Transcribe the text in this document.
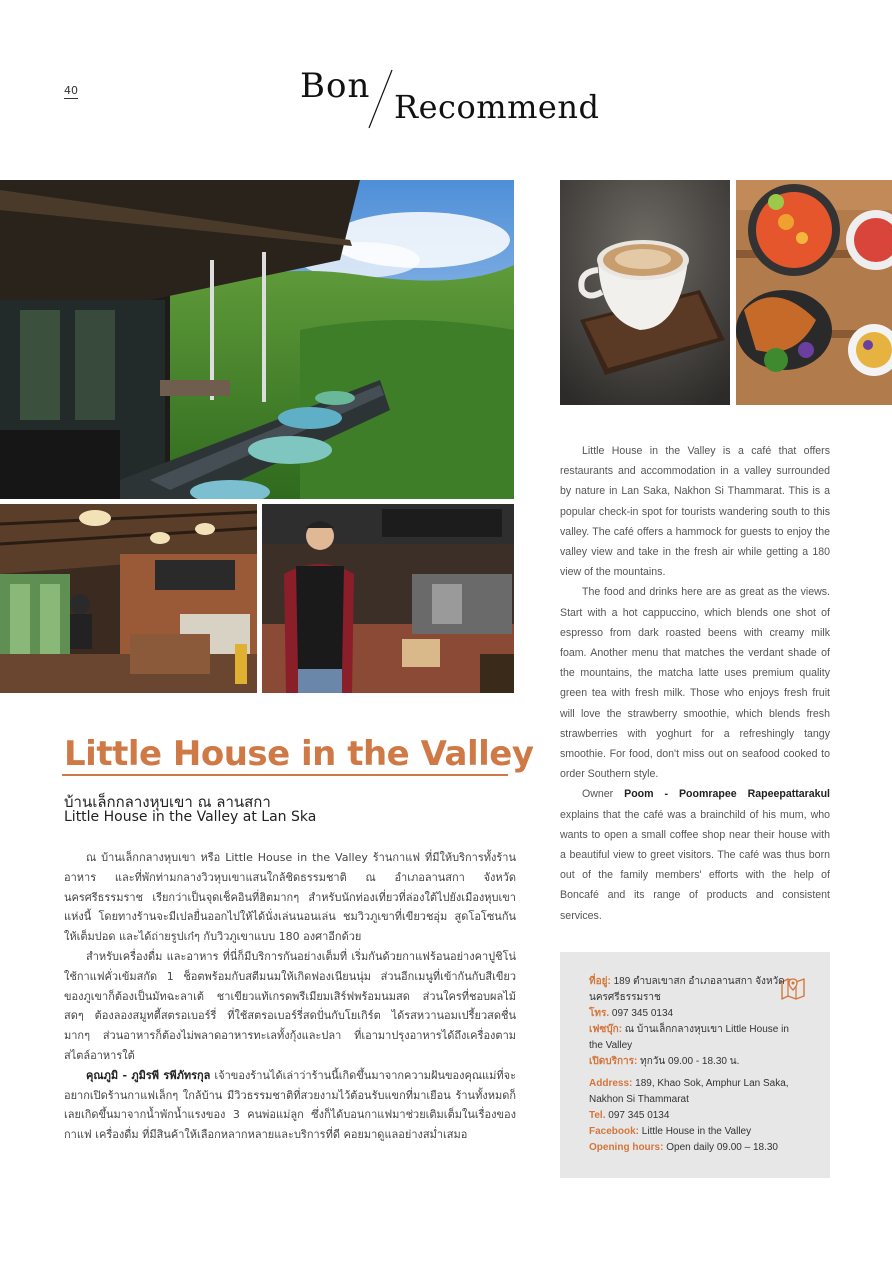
40	Bon
Recommend
Little House in the Valley
บ้านเล็กกลางหุบเขา ณ ลานสกา
Little House in the Valley at Lan Ska

ณ บ้านเล็กกลางหุบเขา หรือ Little House in the Valley ร้านกาแฟ ที่มีให้บริการทั้งร้านอาหาร และที่พักท่ามกลางวิวหุบเขาแสนใกล้ชิดธรรมชาติ ณ อำเภอลานสกา จังหวัดนครศรีธรรมราช เรียกว่าเป็นจุดเช็คอินที่ฮิตมากๆ สำหรับนักท่องเที่ยวที่ล่องใต้ไปยังเมืองหุบเขาแห่งนี้ โดยทางร้านจะมีเปลยื่นออกไปให้ได้นั่งเล่นนอนเล่น ชมวิวภูเขาที่เขียวชอุ่ม สูดโอโซนกันให้เต็มปอด และได้ถ่ายรูปเก๋ๆ กับวิวภูเขาแบบ 180 องศาอีกด้วย

สำหรับเครื่องดื่ม และอาหาร ที่นี่ก็มีบริการกันอย่างเต็มที่ เริ่มกันด้วยกาแฟร้อนอย่างคาปูชิโน่ ใช้กาแฟคั่วเข้มสกัด 1 ช็อตพร้อมกับสตีมนมให้เกิดฟองเนียนนุ่ม ส่วนอีกเมนูที่เข้ากันกับสีเขียวของภูเขาก็ต้องเป็นมัทฉะลาเต้ ชาเขียวแท้เกรดพรีเมียมเสิร์ฟพร้อมนมสด ส่วนใครที่ชอบผลไม้สดๆ ต้องลองสมูทตี้สตรอเบอร์รี่ ที่ใช้สตรอเบอร์รี่สดปั่นกับโยเกิร์ต ได้รสหวานอมเปรี้ยวสดชื่นมากๆ ส่วนอาหารก็ต้องไม่พลาดอาหารทะเลทั้งกุ้งและปลา ที่เอามาปรุงอาหารได้ถึงเครื่องตามสไตล์อาหารใต้

คุณภูมิ - ภูมิรพี รพีภัทรกุล เจ้าของร้านได้เล่าว่าร้านนี้เกิดขึ้นมาจากความฝันของคุณแม่ที่จะอยากเปิดร้านกาแฟเล็กๆ ใกล้บ้าน มีวิวธรรมชาติที่สวยงามไว้ต้อนรับแขกที่มาเยือน ร้านทั้งหมดก็เลยเกิดขึ้นมาจากน้ำพักน้ำแรงของ 3 คนพ่อแม่ลูก ซึ่งก็ได้บอนกาแฟมาช่วยเติมเต็มในเรื่องของกาแฟ เครื่องดื่ม ที่มีสินค้าให้เลือกหลากหลายและบริการที่ดี คอยมาดูแลอย่างสม่ำเสมอ

Little House in the Valley is a café that offers restaurants and accommodation in a valley surrounded by nature in Lan Saka, Nakhon Si Thammarat. This is a popular check-in spot for tourists wandering south to this valley. The café offers a hammock for guests to enjoy the valley view and take in the fresh air while getting a 180 view of the mountains.

The food and drinks here are as great as the views. Start with a hot cappuccino, which blends one shot of espresso from dark roasted beens with creamy milk foam. Another menu that matches the verdant shade of the mountains, the matcha latte uses premium quality green tea with fresh milk. Those who enjoys fresh fruit will love the strawberry smoothie, which blends fresh strawberries with yoghurt for a refreshingly tangy smoothie. For food, don't miss out on seafood cooked to order Southern style.

Owner Poom - Poomrapee Rapeepattarakul explains that the café was a brainchild of his mum, who wants to open a small coffee shop near their house with a beautiful view to greet visitors. The café was thus born out of the family members' efforts with the help of Boncafé and its range of products and consistent services.

ที่อยู่: 189 ตำบลเขาสก อำเภอลานสกา จังหวัดนครศรีธรรมราช
โทร. 097 345 0134
เฟซบุ๊ก: ณ บ้านเล็กกลางหุบเขา Little House in the Valley
เปิดบริการ: ทุกวัน 09.00 - 18.30 น.
Address: 189, Khao Sok, Amphur Lan Saka, Nakhon Si Thammarat
Tel. 097 345 0134
Facebook: Little House in the Valley
Opening hours: Open daily 09.00 – 18.30
